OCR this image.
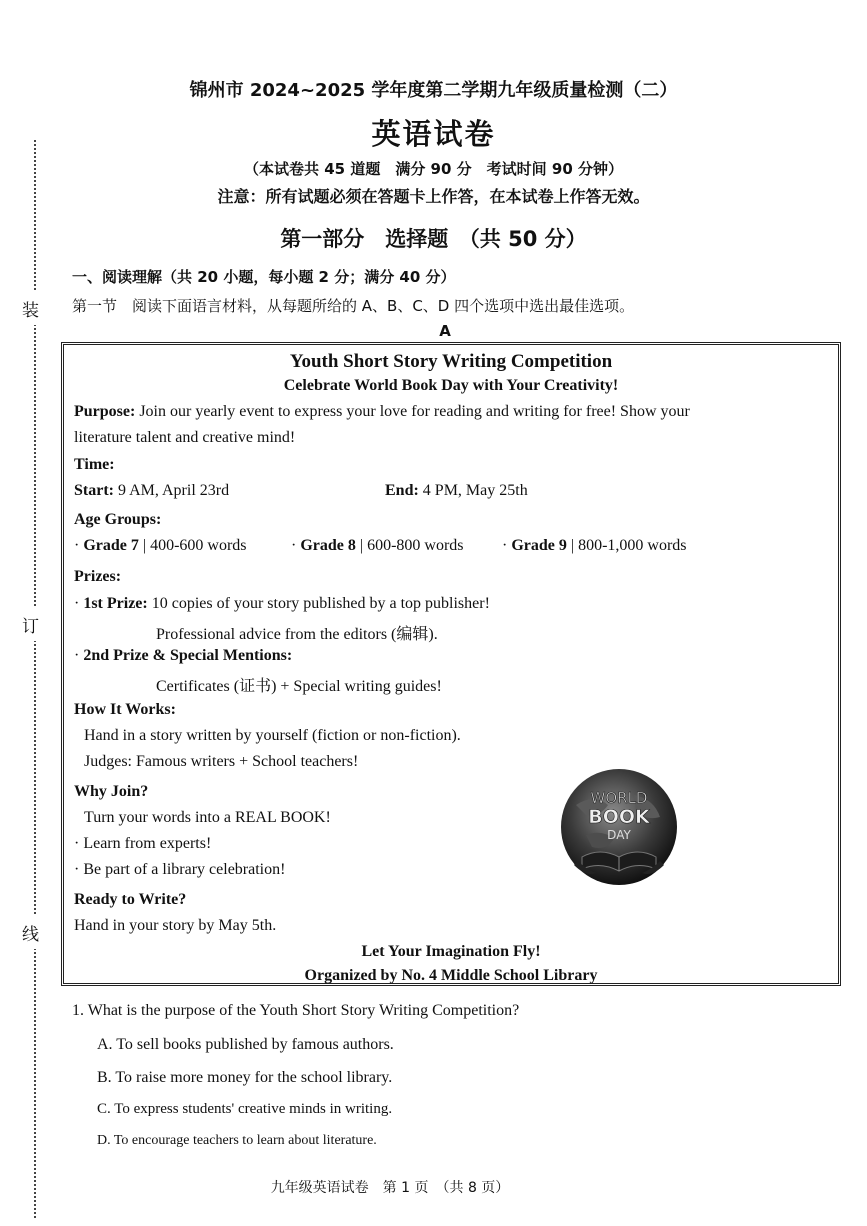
装
订
线
锦州市 2024~2025 学年度第二学期九年级质量检测（二）
英语试卷
（本试卷共 45 道题　满分 90 分　考试时间 90 分钟）
注意：所有试题必须在答题卡上作答，在本试卷上作答无效。
第一部分　选择题　（共 50 分）
一、阅读理解（共 20 小题，每小题 2 分；满分 40 分）
第一节　阅读下面语言材料，从每题所给的 A、B、C、D 四个选项中选出最佳选项。
A
Youth Short Story Writing Competition
Celebrate World Book Day with Your Creativity!
Purpose: Join our yearly event to express your love for reading and writing for free! Show your
literature talent and creative mind!
Time:
Start: 9 AM, April 23rd	End: 4 PM, May 25th
Age Groups:
· Grade 7 | 400-600 words	· Grade 8 | 600-800 words · Grade 9 | 800-1,000 words
Prizes:
· 1st Prize: 10 copies of your story published by a top publisher!
Professional advice from the editors (编辑).
· 2nd Prize & Special Mentions:
Certificates (证书) + Special writing guides!
How It Works:
Hand in a story written by yourself (fiction or non-fiction).
Judges: Famous writers + School teachers!
Why Join?
Turn your words into a REAL BOOK!
· Learn from experts!
· Be part of a library celebration!
Ready to Write?
Hand in your story by May 5th.
Let Your Imagination Fly!
Organized by No. 4 Middle School Library
WORLD
BOOK
DAY
1. What is the purpose of the Youth Short Story Writing Competition?
A. To sell books published by famous authors.
B. To raise more money for the school library.
C. To express students' creative minds in writing.
D. To encourage teachers to learn about literature.
九年级英语试卷　第 1 页　（共 8 页）
